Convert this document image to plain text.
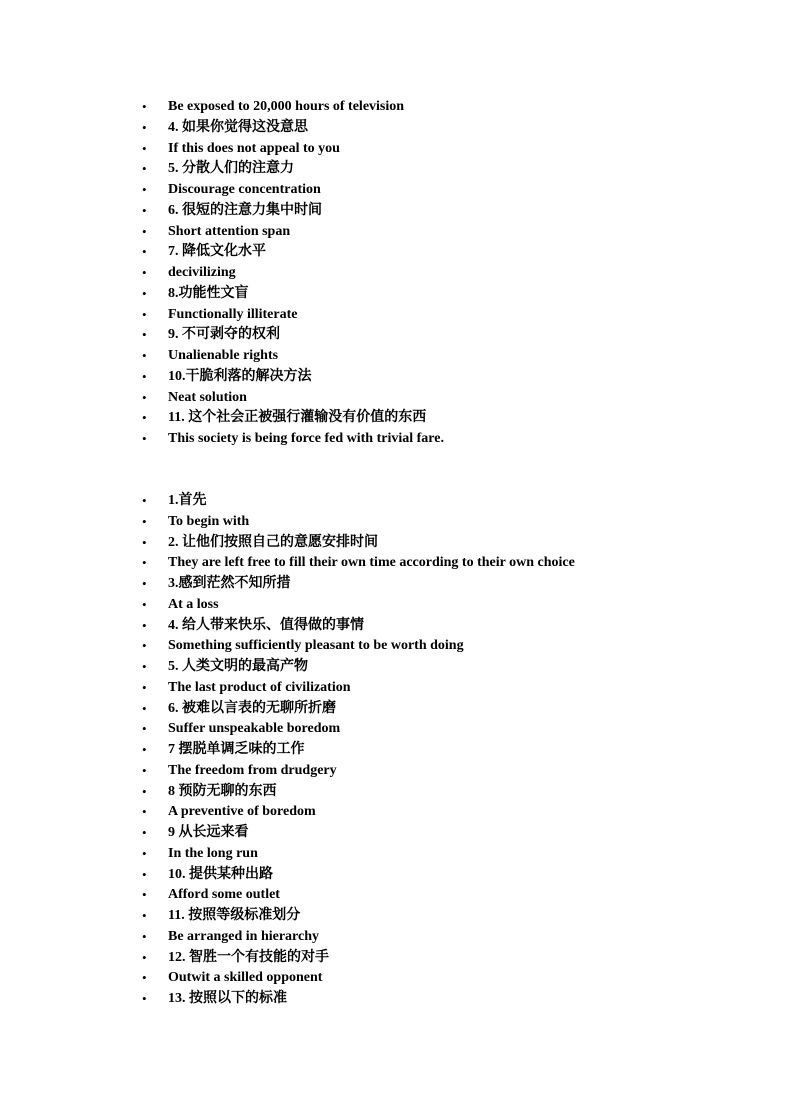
• Be exposed to 20,000 hours of television
• 4. 如果你觉得这没意思
• If this does not appeal to you
• 5. 分散人们的注意力
• Discourage concentration
• 6. 很短的注意力集中时间
• Short attention span
• 7. 降低文化水平
• decivilizing
• 8.功能性文盲
• Functionally illiterate
• 9. 不可剥夺的权利
• Unalienable rights
• 10.干脆利落的解决方法
• Neat solution
• 11. 这个社会正被强行灌输没有价值的东西
• This society is being force fed with trivial fare.
• 1.首先
• To begin with
• 2. 让他们按照自己的意愿安排时间
• They are left free to fill their own time according to their own choice
• 3.感到茫然不知所措
• At a loss
• 4. 给人带来快乐、值得做的事情
• Something sufficiently pleasant to be worth doing
• 5. 人类文明的最高产物
• The last product of civilization
• 6. 被难以言表的无聊所折磨
• Suffer unspeakable boredom
• 7 摆脱单调乏味的工作
• The freedom from drudgery
• 8 预防无聊的东西
• A preventive of boredom
• 9 从长远来看
• In the long run
• 10. 提供某种出路
• Afford some outlet
• 11. 按照等级标准划分
• Be arranged in hierarchy
• 12. 智胜一个有技能的对手
• Outwit a skilled opponent
• 13. 按照以下的标准
